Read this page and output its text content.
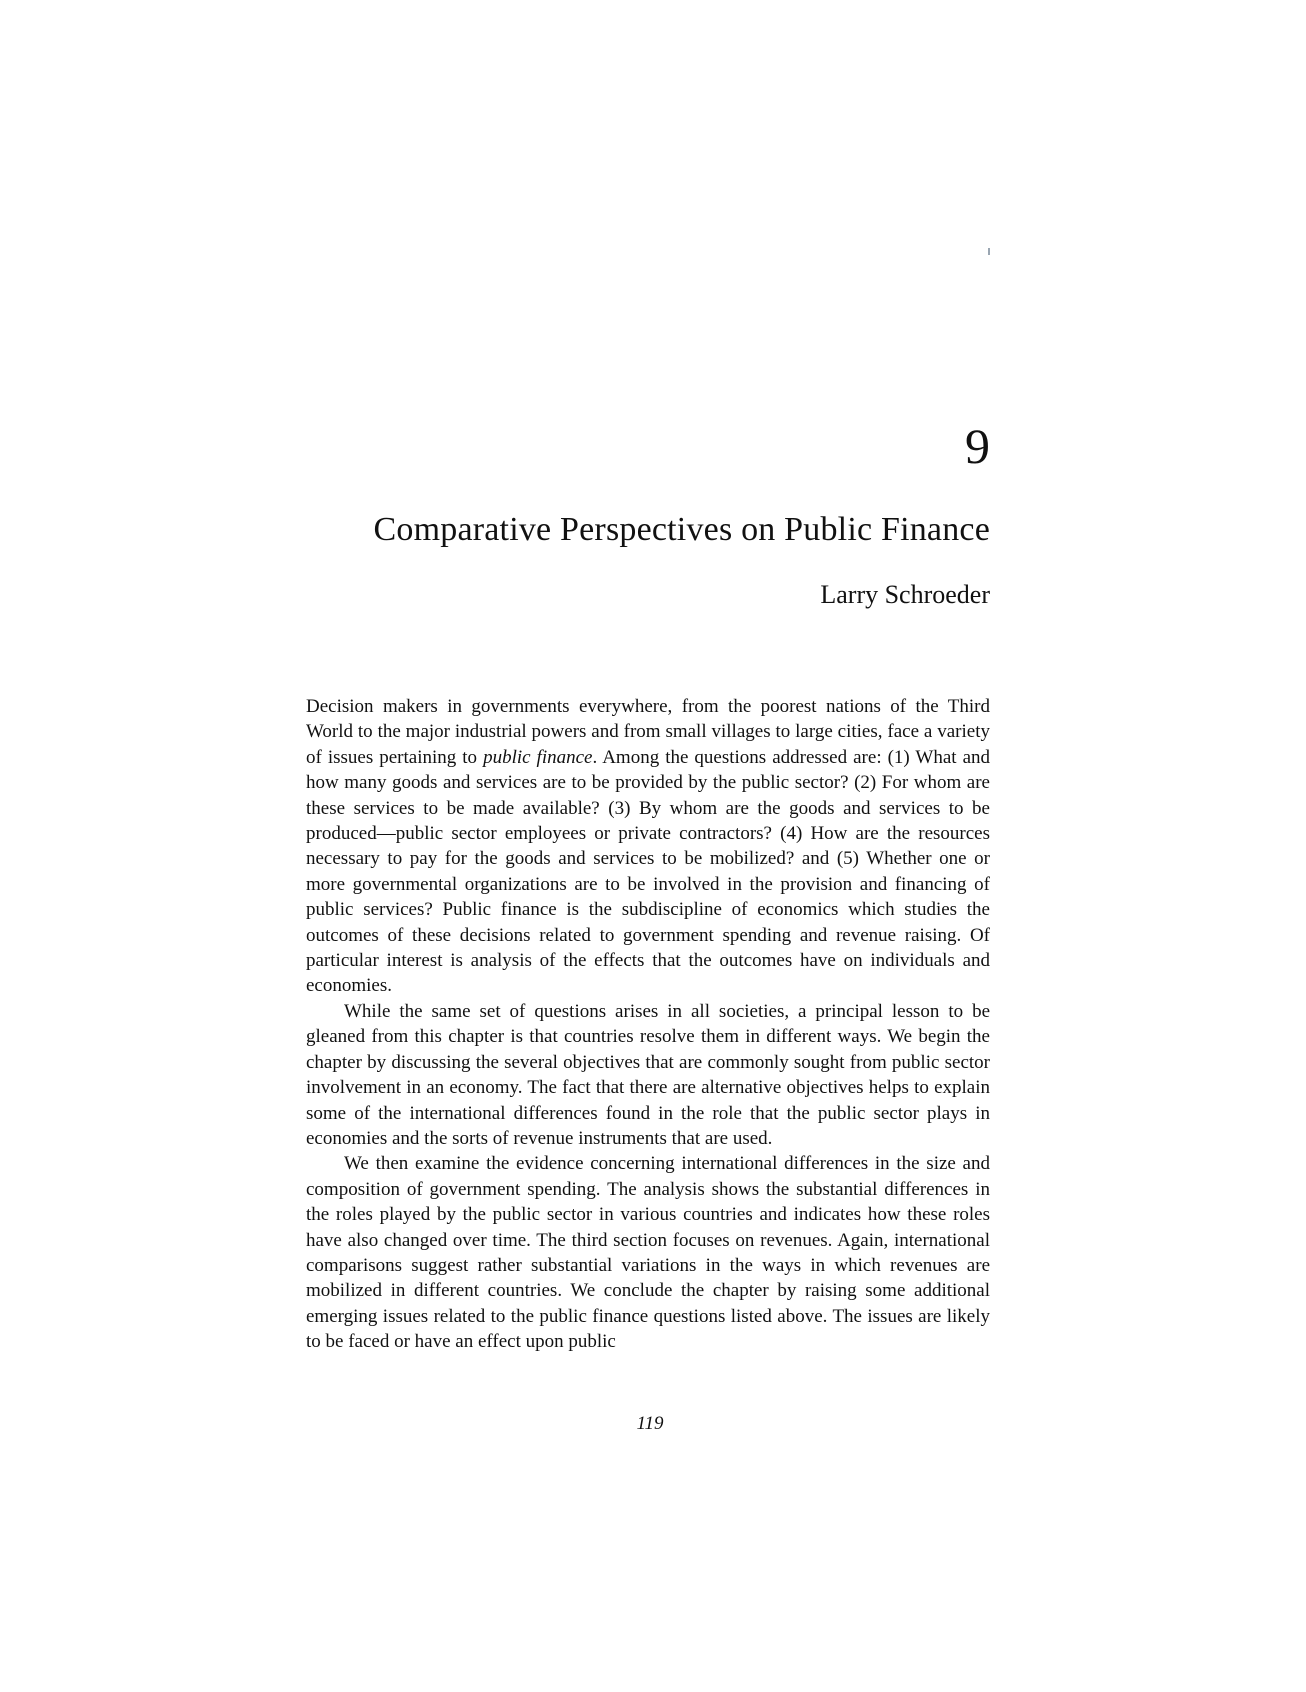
9
Comparative Perspectives on Public Finance
Larry Schroeder

Decision makers in governments everywhere, from the poorest nations of the Third World to the major industrial powers and from small villages to large cities, face a variety of issues pertaining to public finance. Among the questions addressed are: (1) What and how many goods and services are to be provided by the public sector? (2) For whom are these services to be made available? (3) By whom are the goods and services to be produced—public sector employees or private contractors? (4) How are the resources necessary to pay for the goods and services to be mobilized? and (5) Whether one or more governmental organizations are to be involved in the provision and financing of public services? Public finance is the subdiscipline of economics which studies the outcomes of these decisions related to government spending and revenue raising. Of particular interest is analysis of the effects that the outcomes have on individuals and economies.

While the same set of questions arises in all societies, a principal lesson to be gleaned from this chapter is that countries resolve them in different ways. We begin the chapter by discussing the several objectives that are commonly sought from public sector involvement in an economy. The fact that there are alternative objectives helps to explain some of the international differences found in the role that the public sector plays in economies and the sorts of revenue instruments that are used.

We then examine the evidence concerning international differences in the size and composition of government spending. The analysis shows the substantial differences in the roles played by the public sector in various countries and indicates how these roles have also changed over time. The third section focuses on revenues. Again, international comparisons suggest rather substantial variations in the ways in which revenues are mobilized in different countries. We conclude the chapter by raising some additional emerging issues related to the public finance questions listed above. The issues are likely to be faced or have an effect upon public

119
